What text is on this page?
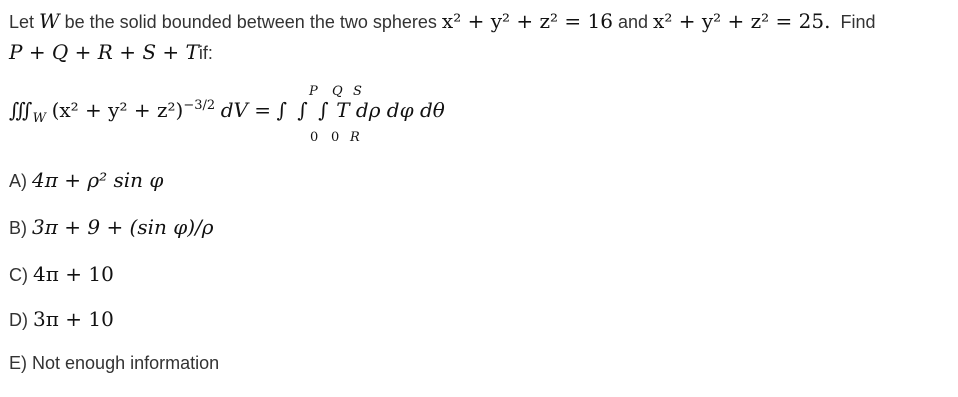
Let W be the solid bounded between the two spheres x² + y² + z² = 16 and x² + y² + z² = 25. Find
P + Q + R + S + Tif:
$∭_W$ $(x^2 + y^2 + z^2)^{-3/2}$ dV = ∫ ∫ ∫ T dρ dφ dθ
P Q S
0 0 R
A) 4π + ρ² sin φ
B) 3π + 9 + (sin φ)/ρ
C) 4π + 10
D) 3π + 10
E) Not enough information
